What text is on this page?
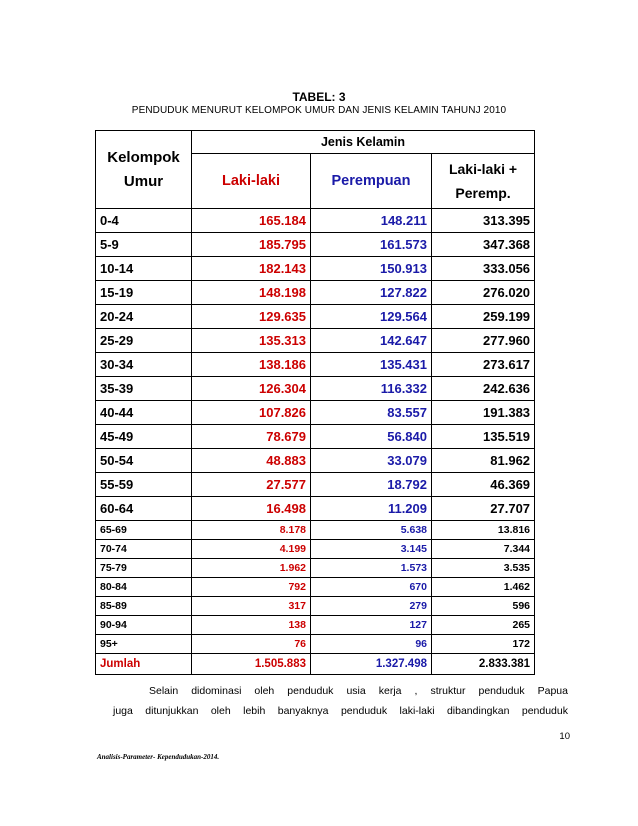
TABEL: 3
PENDUDUK MENURUT KELOMPOK UMUR DAN JENIS KELAMIN TAHUNJ 2010
Kelompok
Umur	Jenis Kelamin		
	Laki-laki	Perempuan	Laki-laki +
Peremp.

0-4	165.184	148.211	313.395
5-9	185.795	161.573	347.368
10-14	182.143	150.913	333.056
15-19	148.198	127.822	276.020
20-24	129.635	129.564	259.199
25-29	135.313	142.647	277.960
30-34	138.186	135.431	273.617
35-39	126.304	116.332	242.636
40-44	107.826	83.557	191.383
45-49	78.679	56.840	135.519
50-54	48.883	33.079	81.962
55-59	27.577	18.792	46.369
60-64	16.498	11.209	27.707
65-69	8.178	5.638	13.816
70-74	4.199	3.145	7.344
75-79	1.962	1.573	3.535
80-84	792	670	1.462
85-89	317	279	596
90-94	138	127	265
95+	76	96	172
Jumlah	1.505.883	1.327.498	2.833.381
Selain didominasi oleh penduduk usia kerja , struktur penduduk Papua
juga ditunjukkan oleh lebih banyaknya penduduk laki-laki dibandingkan penduduk
10
Analisis-Parameter- Kependudukan-2014.
